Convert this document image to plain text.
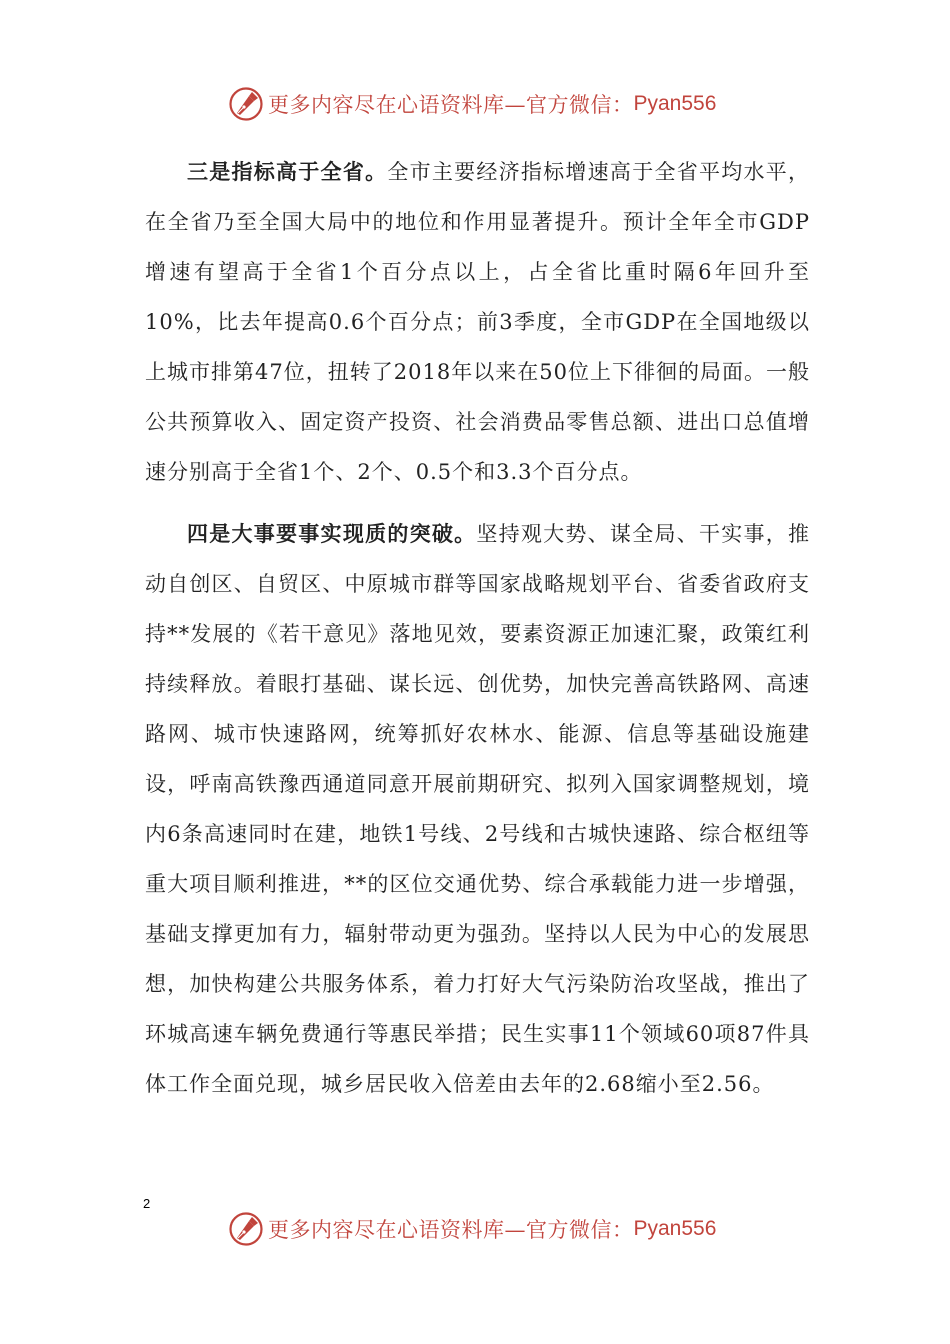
更多内容尽在心语资料库—官方微信： Pyan556

三是指标高于全省。全市主要经济指标增速高于全省平均水平，在全省乃至全国大局中的地位和作用显著提升。预计全年全市GDP增速有望高于全省1个百分点以上，占全省比重时隔6年回升至10%，比去年提高0.6个百分点；前3季度，全市GDP在全国地级以上城市排第47位，扭转了2018年以来在50位上下徘徊的局面。一般公共预算收入、固定资产投资、社会消费品零售总额、进出口总值增速分别高于全省1个、2个、0.5个和3.3个百分点。

四是大事要事实现质的突破。坚持观大势、谋全局、干实事，推动自创区、自贸区、中原城市群等国家战略规划平台、省委省政府支持**发展的《若干意见》落地见效，要素资源正加速汇聚，政策红利持续释放。着眼打基础、谋长远、创优势，加快完善高铁路网、高速路网、城市快速路网，统筹抓好农林水、能源、信息等基础设施建设，呼南高铁豫西通道同意开展前期研究、拟列入国家调整规划，境内6条高速同时在建，地铁1号线、2号线和古城快速路、综合枢纽等重大项目顺利推进，**的区位交通优势、综合承载能力进一步增强，基础支撑更加有力，辐射带动更为强劲。坚持以人民为中心的发展思想，加快构建公共服务体系，着力打好大气污染防治攻坚战，推出了环城高速车辆免费通行等惠民举措；民生实事11个领域60项87件具体工作全面兑现，城乡居民收入倍差由去年的2.68缩小至2.56。

2
更多内容尽在心语资料库—官方微信： Pyan556
